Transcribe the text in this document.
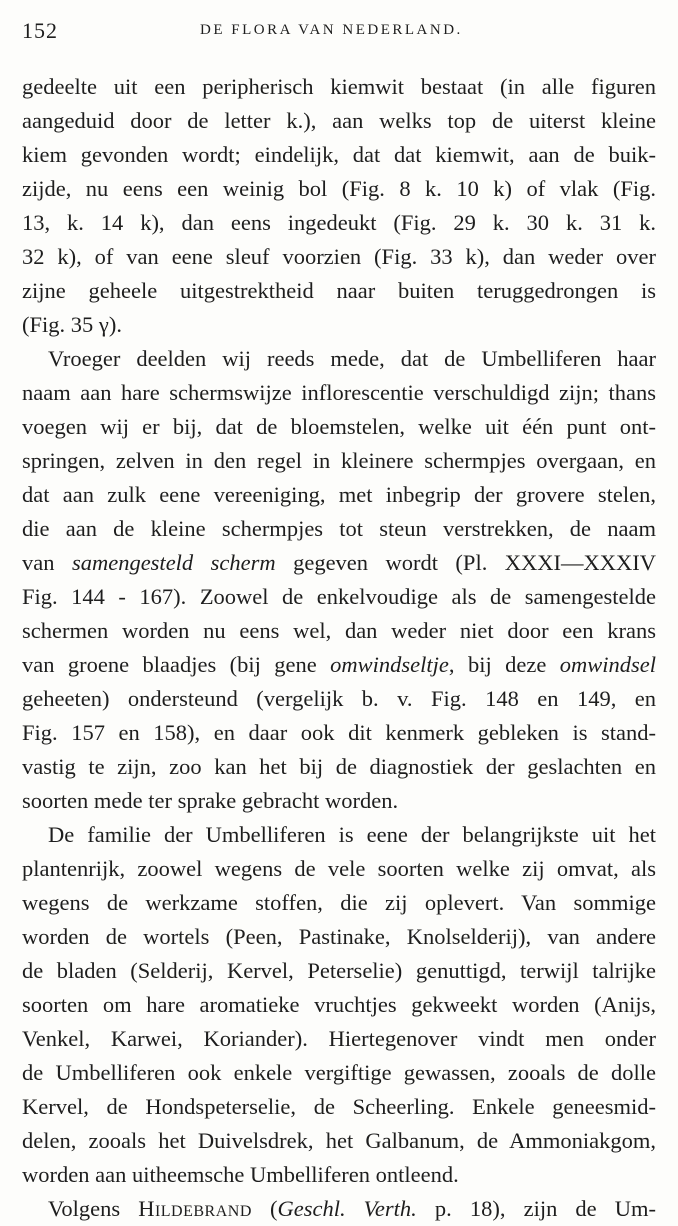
152	DE FLORA VAN NEDERLAND.
gedeelte uit een peripherisch kiemwit bestaat (in alle figuren
aangeduid door de letter k.), aan welks top de uiterst kleine
kiem gevonden wordt; eindelijk, dat dat kiemwit, aan de buik-
zijde, nu eens een weinig bol (Fig. 8 k. 10 k) of vlak (Fig.
13, k. 14 k), dan eens ingedeukt (Fig. 29 k. 30 k. 31 k.
32 k), of van eene sleuf voorzien (Fig. 33 k), dan weder over
zijne geheele uitgestrektheid naar buiten teruggedrongen is
(Fig. 35 γ).
Vroeger deelden wij reeds mede, dat de Umbelliferen haar
naam aan hare schermswijze inflorescentie verschuldigd zijn; thans
voegen wij er bij, dat de bloemstelen, welke uit één punt ont-
springen, zelven in den regel in kleinere schermpjes overgaan, en
dat aan zulk eene vereeniging, met inbegrip der grovere stelen,
die aan de kleine schermpjes tot steun verstrekken, de naam
van samengesteld scherm gegeven wordt (Pl. XXXI—XXXIV
Fig. 144 - 167). Zoowel de enkelvoudige als de samengestelde
schermen worden nu eens wel, dan weder niet door een krans
van groene blaadjes (bij gene omwindseltje, bij deze omwindsel
geheeten) ondersteund (vergelijk b. v. Fig. 148 en 149, en
Fig. 157 en 158), en daar ook dit kenmerk gebleken is stand-
vastig te zijn, zoo kan het bij de diagnostiek der geslachten en
soorten mede ter sprake gebracht worden.
De familie der Umbelliferen is eene der belangrijkste uit het
plantenrijk, zoowel wegens de vele soorten welke zij omvat, als
wegens de werkzame stoffen, die zij oplevert. Van sommige
worden de wortels (Peen, Pastinake, Knolselderij), van andere
de bladen (Selderij, Kervel, Peterselie) genuttigd, terwijl talrijke
soorten om hare aromatieke vruchtjes gekweekt worden (Anijs,
Venkel, Karwei, Koriander). Hiertegenover vindt men onder
de Umbelliferen ook enkele vergiftige gewassen, zooals de dolle
Kervel, de Hondspeterselie, de Scheerling. Enkele geneesmid-
delen, zooals het Duivelsdrek, het Galbanum, de Ammoniakgom,
worden aan uitheemsche Umbelliferen ontleend.
Volgens Hildebrand (Geschl. Verth. p. 18), zijn de Um-
